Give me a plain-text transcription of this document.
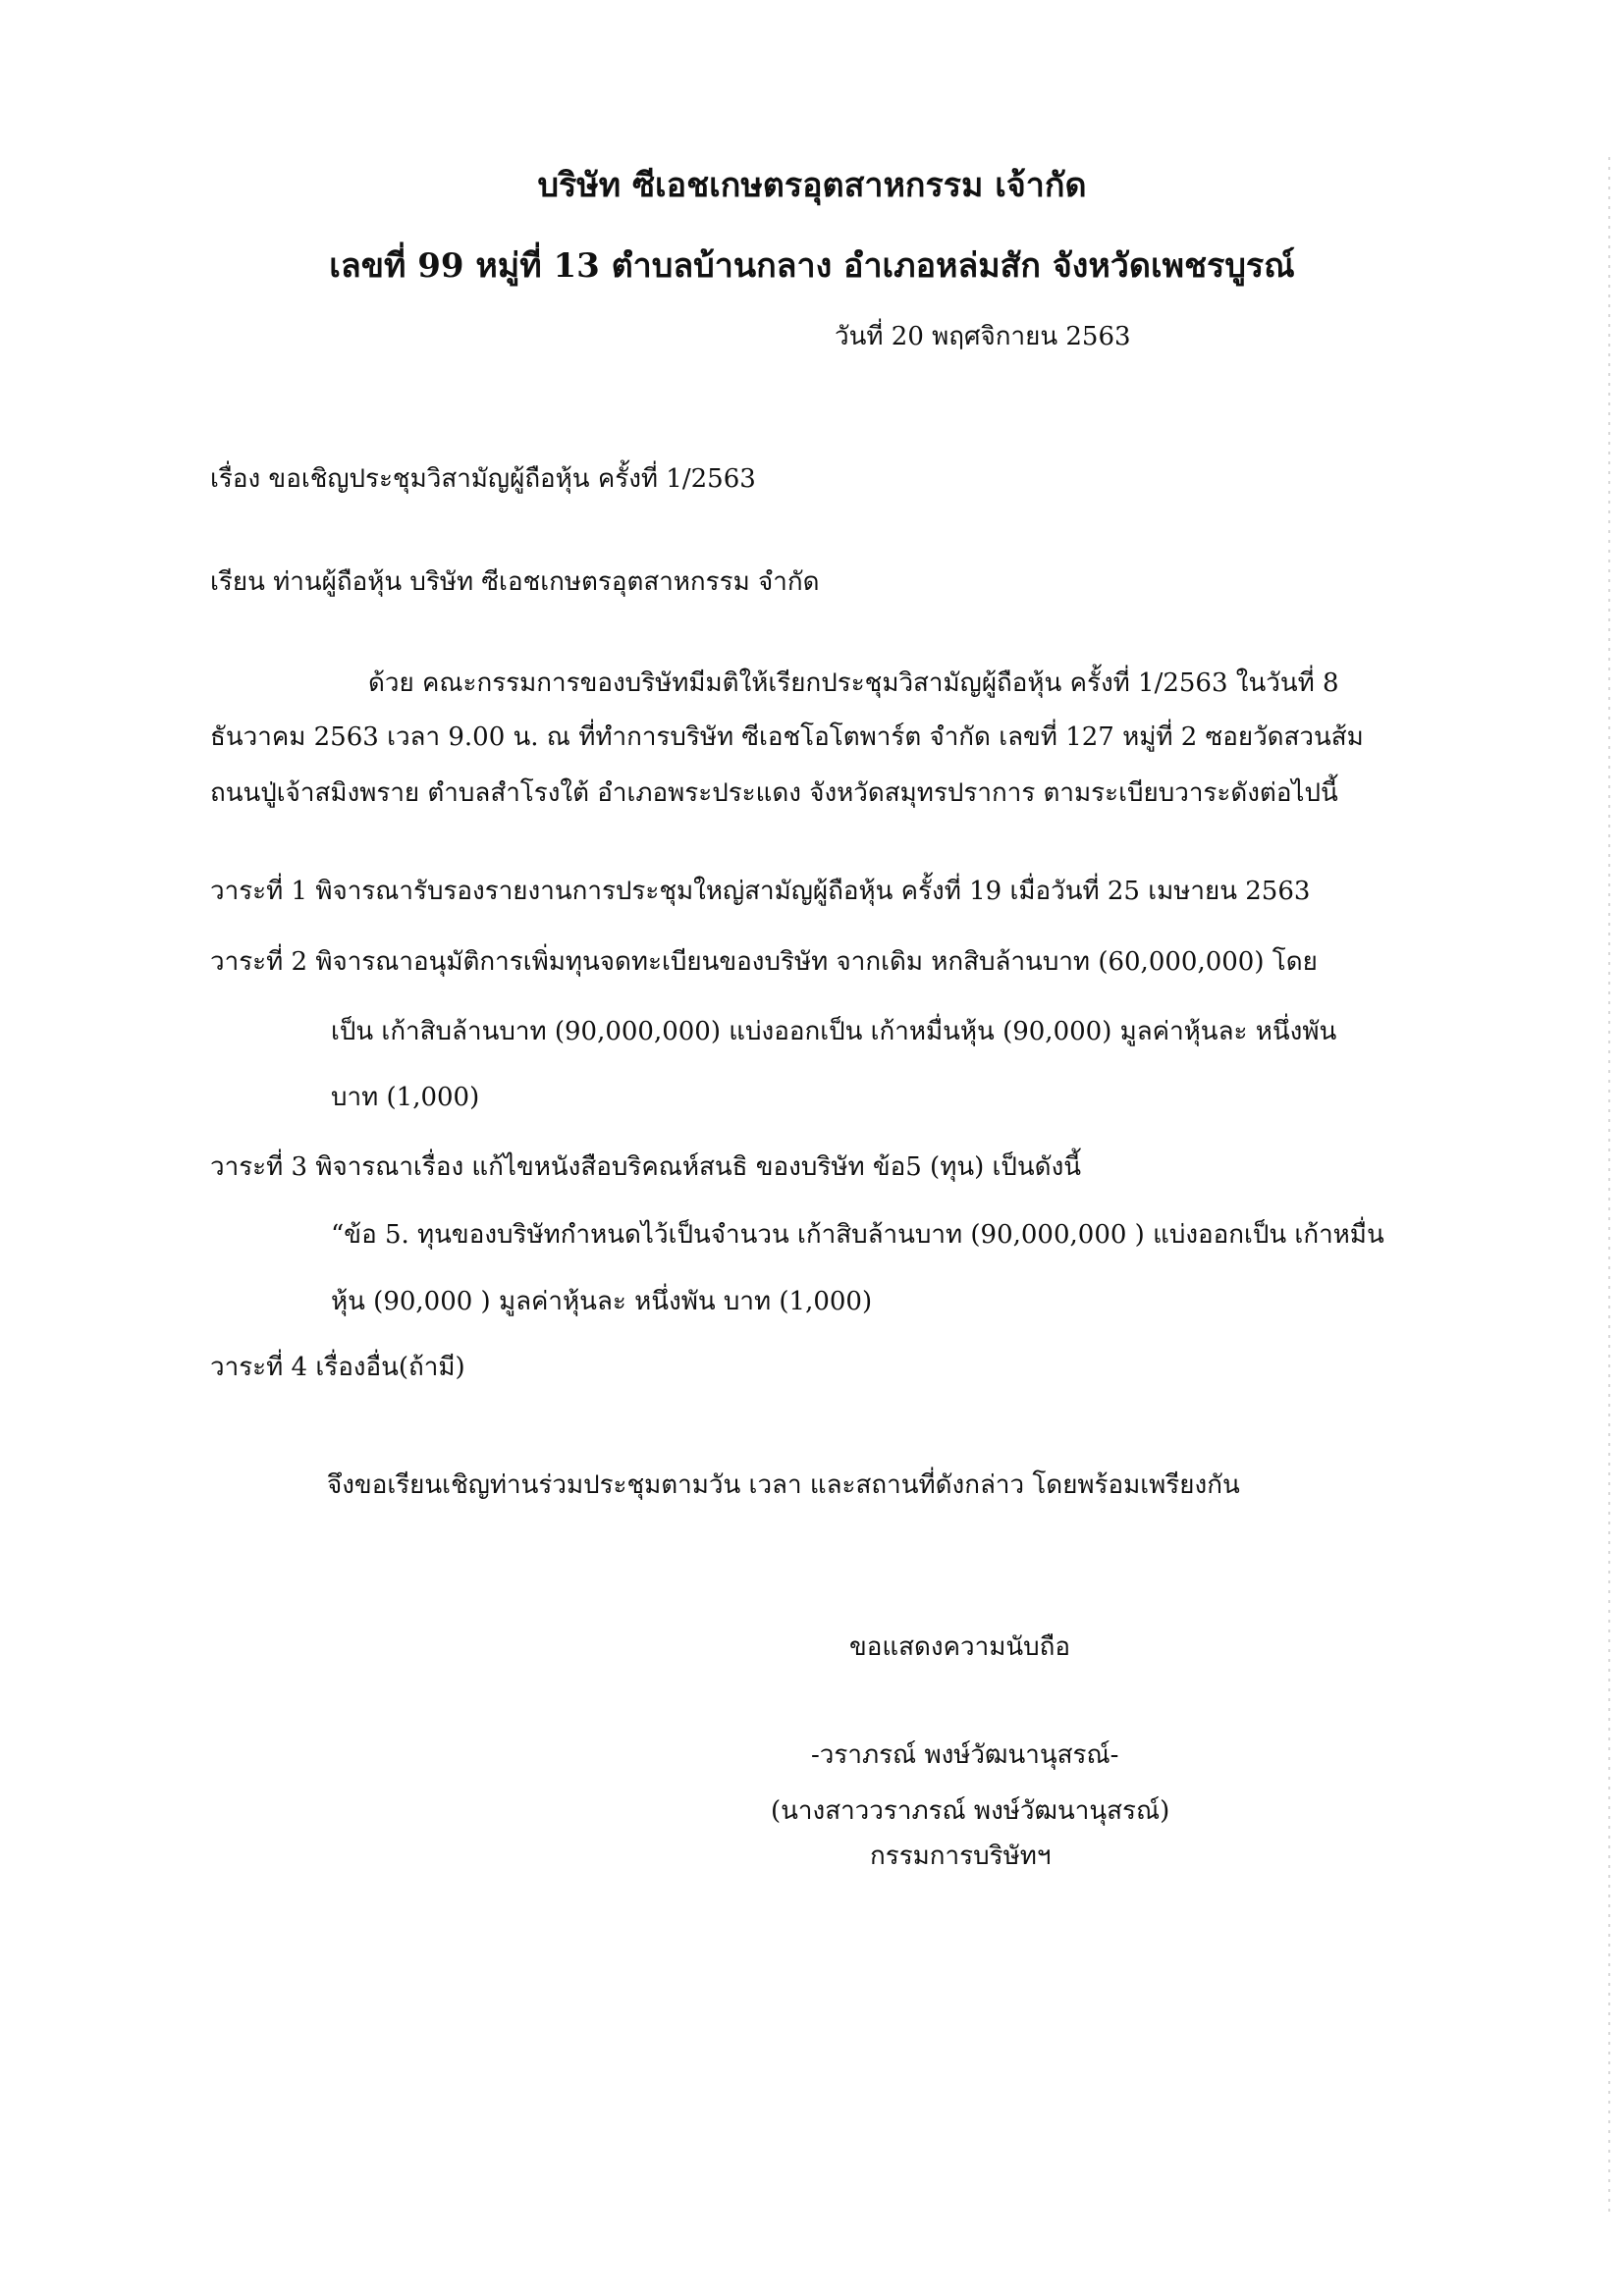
บริษัท ซีเอชเกษตรอุตสาหกรรม เจ้ากัด
เลขที่ 99 หมู่ที่ 13 ตำบลบ้านกลาง อำเภอหล่มสัก จังหวัดเพชรบูรณ์
วันที่ 20 พฤศจิกายน 2563
เรื่อง ขอเชิญประชุมวิสามัญผู้ถือหุ้น ครั้งที่ 1/2563
เรียน ท่านผู้ถือหุ้น บริษัท ซีเอชเกษตรอุตสาหกรรม จำกัด
ด้วย คณะกรรมการของบริษัทมีมติให้เรียกประชุมวิสามัญผู้ถือหุ้น ครั้งที่ 1/2563 ในวันที่ 8
ธันวาคม 2563 เวลา 9.00 น. ณ ที่ทำการบริษัท ซีเอชโอโตพาร์ต จำกัด เลขที่ 127 หมู่ที่ 2 ซอยวัดสวนส้ม
ถนนปู่เจ้าสมิงพราย ตำบลสำโรงใต้ อำเภอพระประแดง จังหวัดสมุทรปราการ ตามระเบียบวาระดังต่อไปนี้
วาระที่ 1 พิจารณารับรองรายงานการประชุมใหญ่สามัญผู้ถือหุ้น ครั้งที่ 19 เมื่อวันที่ 25 เมษายน 2563
วาระที่ 2 พิจารณาอนุมัติการเพิ่มทุนจดทะเบียนของบริษัท จากเดิม หกสิบล้านบาท (60,000,000) โดย
เป็น เก้าสิบล้านบาท (90,000,000) แบ่งออกเป็น เก้าหมื่นหุ้น (90,000) มูลค่าหุ้นละ หนึ่งพัน
บาท (1,000)
วาระที่ 3 พิจารณาเรื่อง แก้ไขหนังสือบริคณห์สนธิ ของบริษัท ข้อ5 (ทุน) เป็นดังนี้
“ข้อ 5. ทุนของบริษัทกำหนดไว้เป็นจำนวน เก้าสิบล้านบาท (90,000,000 ) แบ่งออกเป็น เก้าหมื่น
หุ้น (90,000 ) มูลค่าหุ้นละ หนึ่งพัน บาท (1,000)
วาระที่ 4 เรื่องอื่น(ถ้ามี)
จึงขอเรียนเชิญท่านร่วมประชุมตามวัน เวลา และสถานที่ดังกล่าว โดยพร้อมเพรียงกัน
ขอแสดงความนับถือ
-วราภรณ์ พงษ์วัฒนานุสรณ์-
(นางสาววราภรณ์ พงษ์วัฒนานุสรณ์)
กรรมการบริษัทฯ
